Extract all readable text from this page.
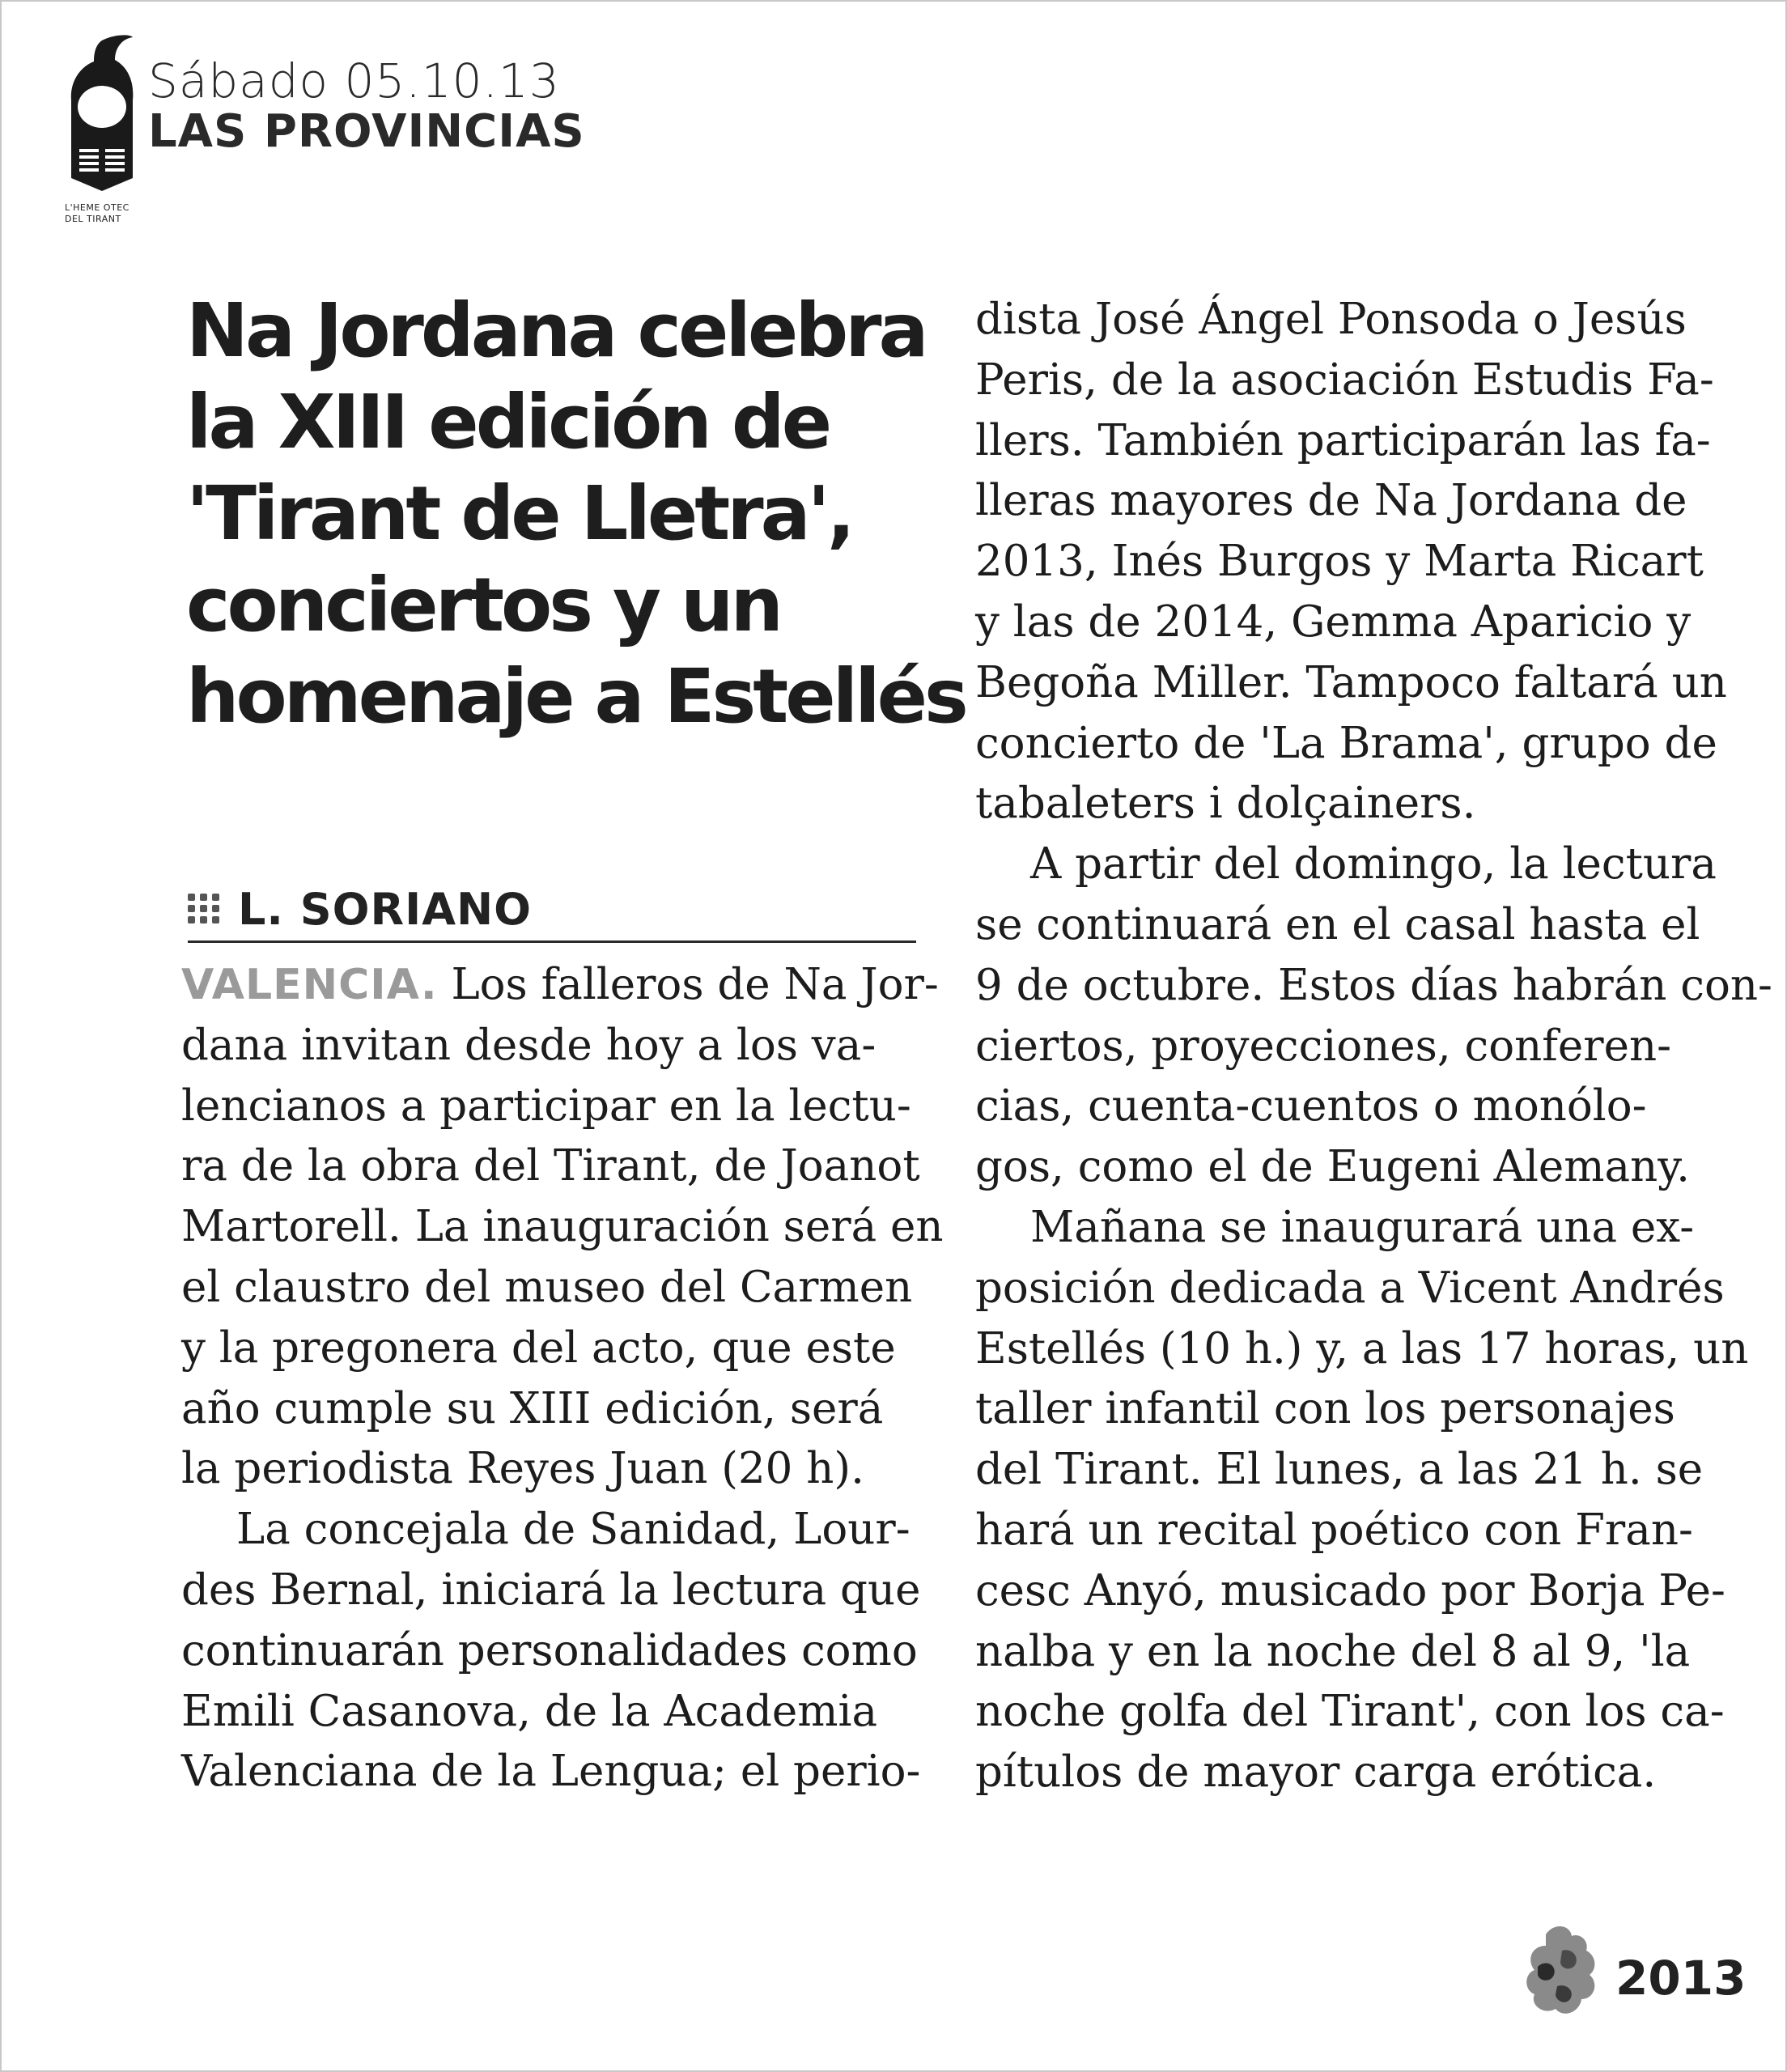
L'HEME OTEC
DEL TIRANT
Sábado 05.10.13
LAS PROVINCIAS
Na Jordana celebra
la XIII edición de
'Tirant de Lletra',
conciertos y un
homenaje a Estellés
L. SORIANO
VALENCIA. Los falleros de Na Jor-
dana invitan desde hoy a los va-
lencianos a participar en la lectu-
ra de la obra del Tirant, de Joanot
Martorell. La inauguración será en
el claustro del museo del Carmen
y la pregonera del acto, que este
año cumple su XIII edición, será
la periodista Reyes Juan (20 h).
La concejala de Sanidad, Lour-
des Bernal, iniciará la lectura que
continuarán personalidades como
Emili Casanova, de la Academia
Valenciana de la Lengua; el perio-
dista José Ángel Ponsoda o Jesús
Peris, de la asociación Estudis Fa-
llers. También participarán las fa-
lleras mayores de Na Jordana de
2013, Inés Burgos y Marta Ricart
y las de 2014, Gemma Aparicio y
Begoña Miller. Tampoco faltará un
concierto de 'La Brama', grupo de
tabaleters i dolçainers.
A partir del domingo, la lectura
se continuará en el casal hasta el
9 de octubre. Estos días habrán con-
ciertos, proyecciones, conferen-
cias, cuenta-cuentos o monólo-
gos, como el de Eugeni Alemany.
Mañana se inaugurará una ex-
posición dedicada a Vicent Andrés
Estellés (10 h.) y, a las 17 horas, un
taller infantil con los personajes
del Tirant. El lunes, a las 21 h. se
hará un recital poético con Fran-
cesc Anyó, musicado por Borja Pe-
nalba y en la noche del 8 al 9, 'la
noche golfa del Tirant', con los ca-
pítulos de mayor carga erótica.
2013
